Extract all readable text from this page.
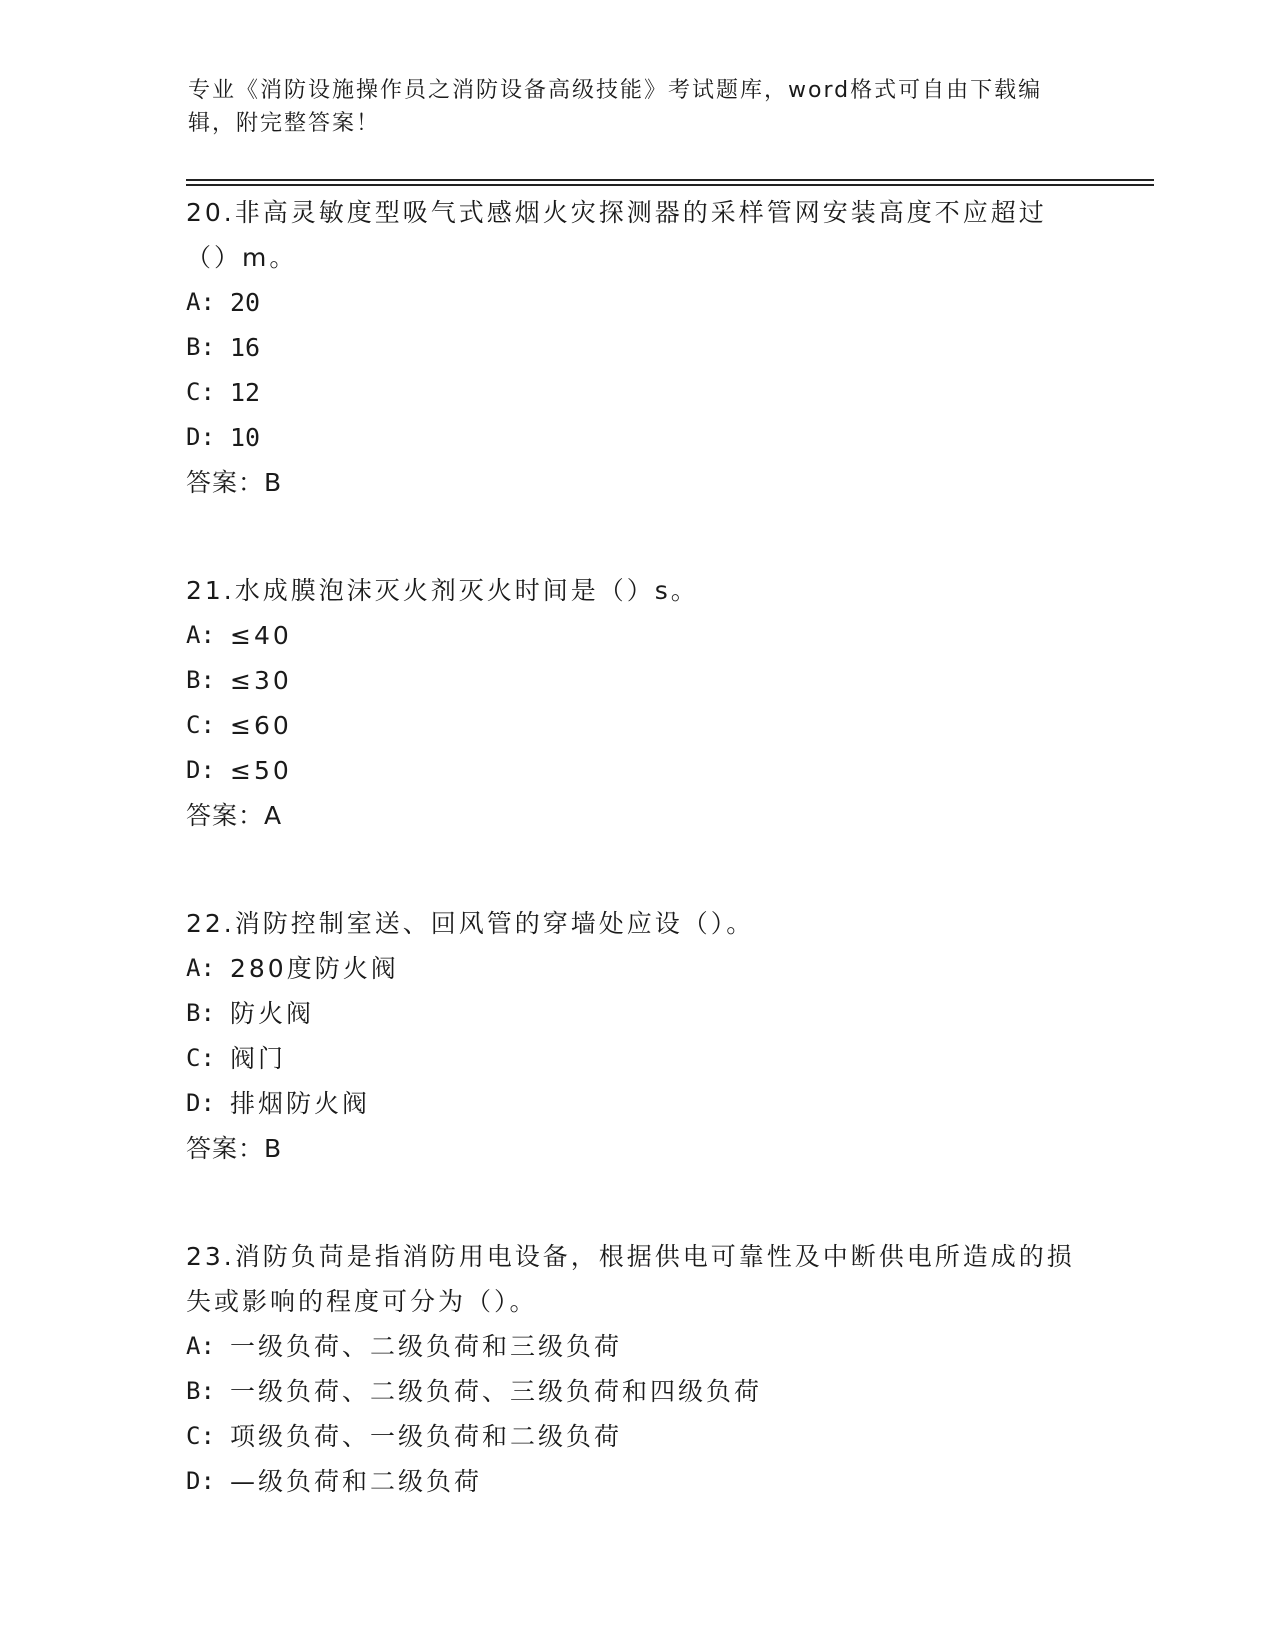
专业《消防设施操作员之消防设备高级技能》考试题库，word格式可自由下载编辑，附完整答案！

20.非高灵敏度型吸气式感烟火灾探测器的采样管网安装高度不应超过（）m。

A: 20
B: 16
C: 12
D: 10

答案：B

21.水成膜泡沫灭火剂灭火时间是（）s。

A: ≤40
B: ≤30
C: ≤60
D: ≤50

答案：A

22.消防控制室送、回风管的穿墙处应设（）。

A: 280度防火阀
B: 防火阀
C: 阀门
D: 排烟防火阀

答案：B

23.消防负苘是指消防用电设备，根据供电可靠性及中断供电所造成的损失或影响的程度可分为（）。

A: 一级负荷、二级负荷和三级负荷
B: 一级负荷、二级负荷、三级负荷和四级负荷
C: 项级负荷、一级负荷和二级负荷
D: —级负荷和二级负荷
